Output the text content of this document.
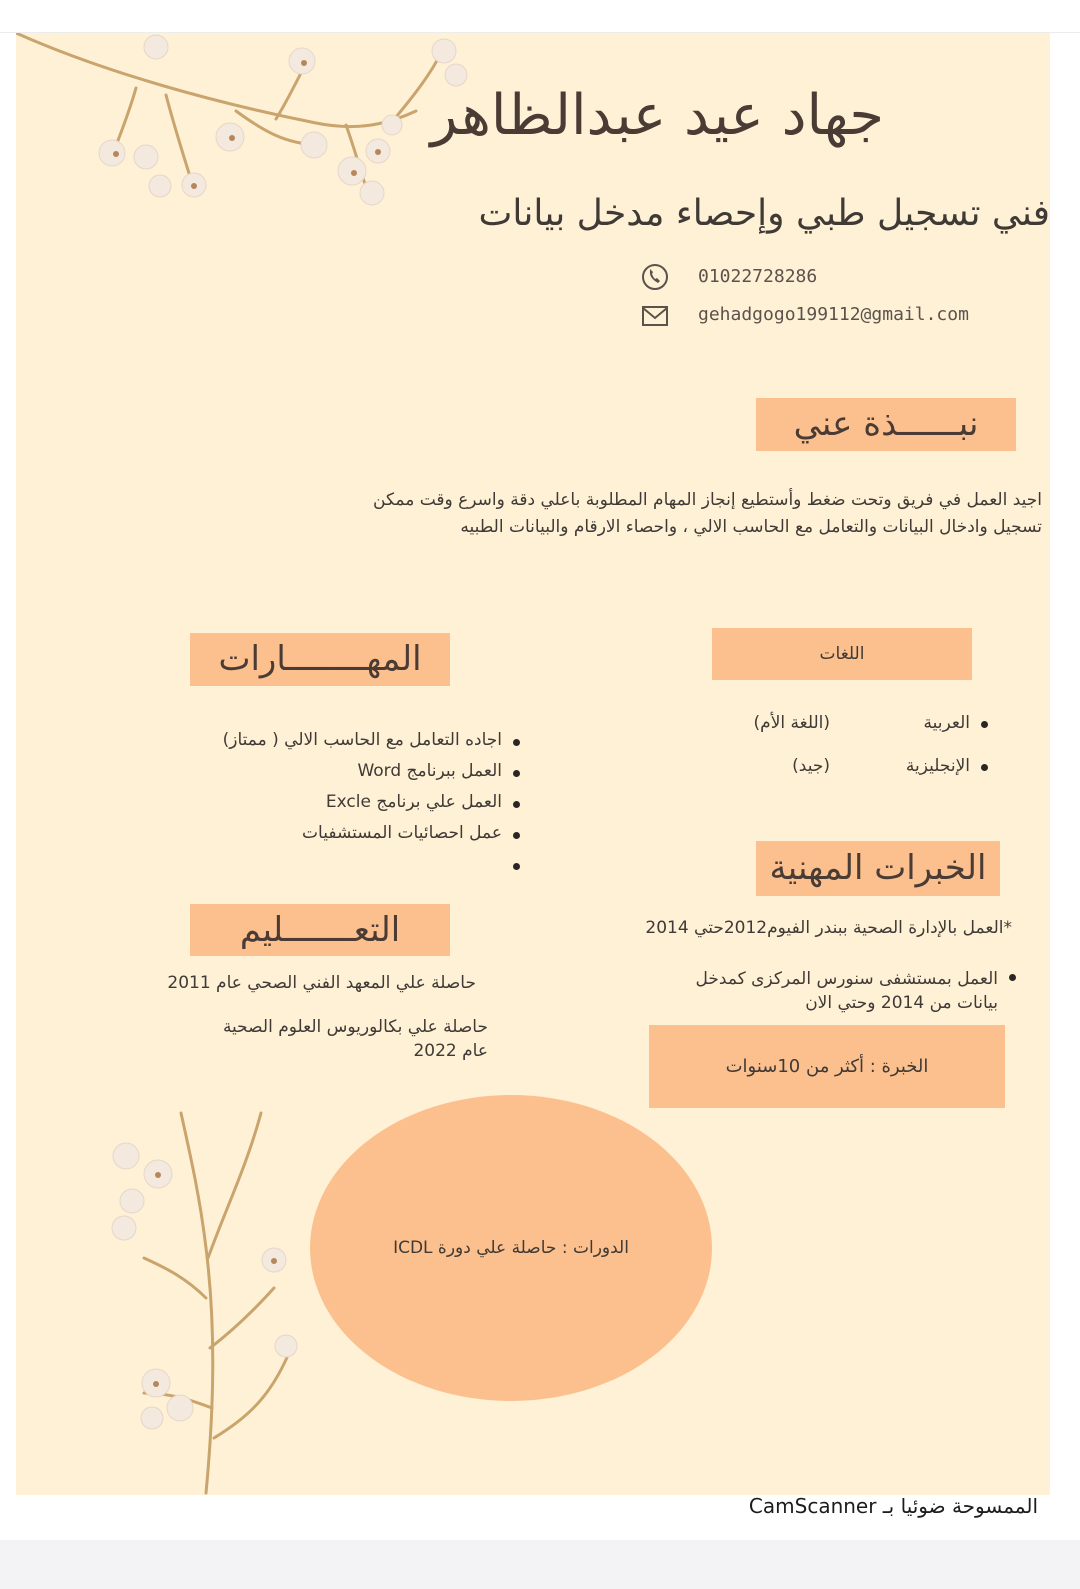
جهاد عيد عبدالظاهر
فني تسجيل طبي وإحصاء مدخل بيانات
01022728286
gehadgogo199112@gmail.com
نبــــــذة عني
اجيد العمل في فريق وتحت ضغط وأستطيع إنجاز المهام المطلوبة باعلي دقة واسرع وقت ممكن
تسجيل وادخال البيانات والتعامل مع الحاسب الالي ، واحصاء الارقام والبيانات الطبيه
المهــــــــارات
اجاده التعامل مع الحاسب الالي ( ممتاز)
العمل ببرنامج Word
العمل علي برنامج Excle
عمل احصائيات المستشفيات
اللغات
العربية
(اللغة الأم)
الإنجليزية
(جيد)
الخبرات المهنية
*العمل بالإدارة الصحية ببندر الفيوم2012حتي 2014
العمل بمستشفى سنورس المركزى كمدخل
بيانات من 2014 وحتي الان
الخبرة : أكثر من 10سنوات
التعـــــــليم
حاصلة علي المعهد الفني الصحي عام 2011
حاصلة علي بكالوريوس العلوم الصحية
عام 2022
الدورات : حاصلة علي دورة ICDL
الممسوحة ضوئيا بـ CamScanner
